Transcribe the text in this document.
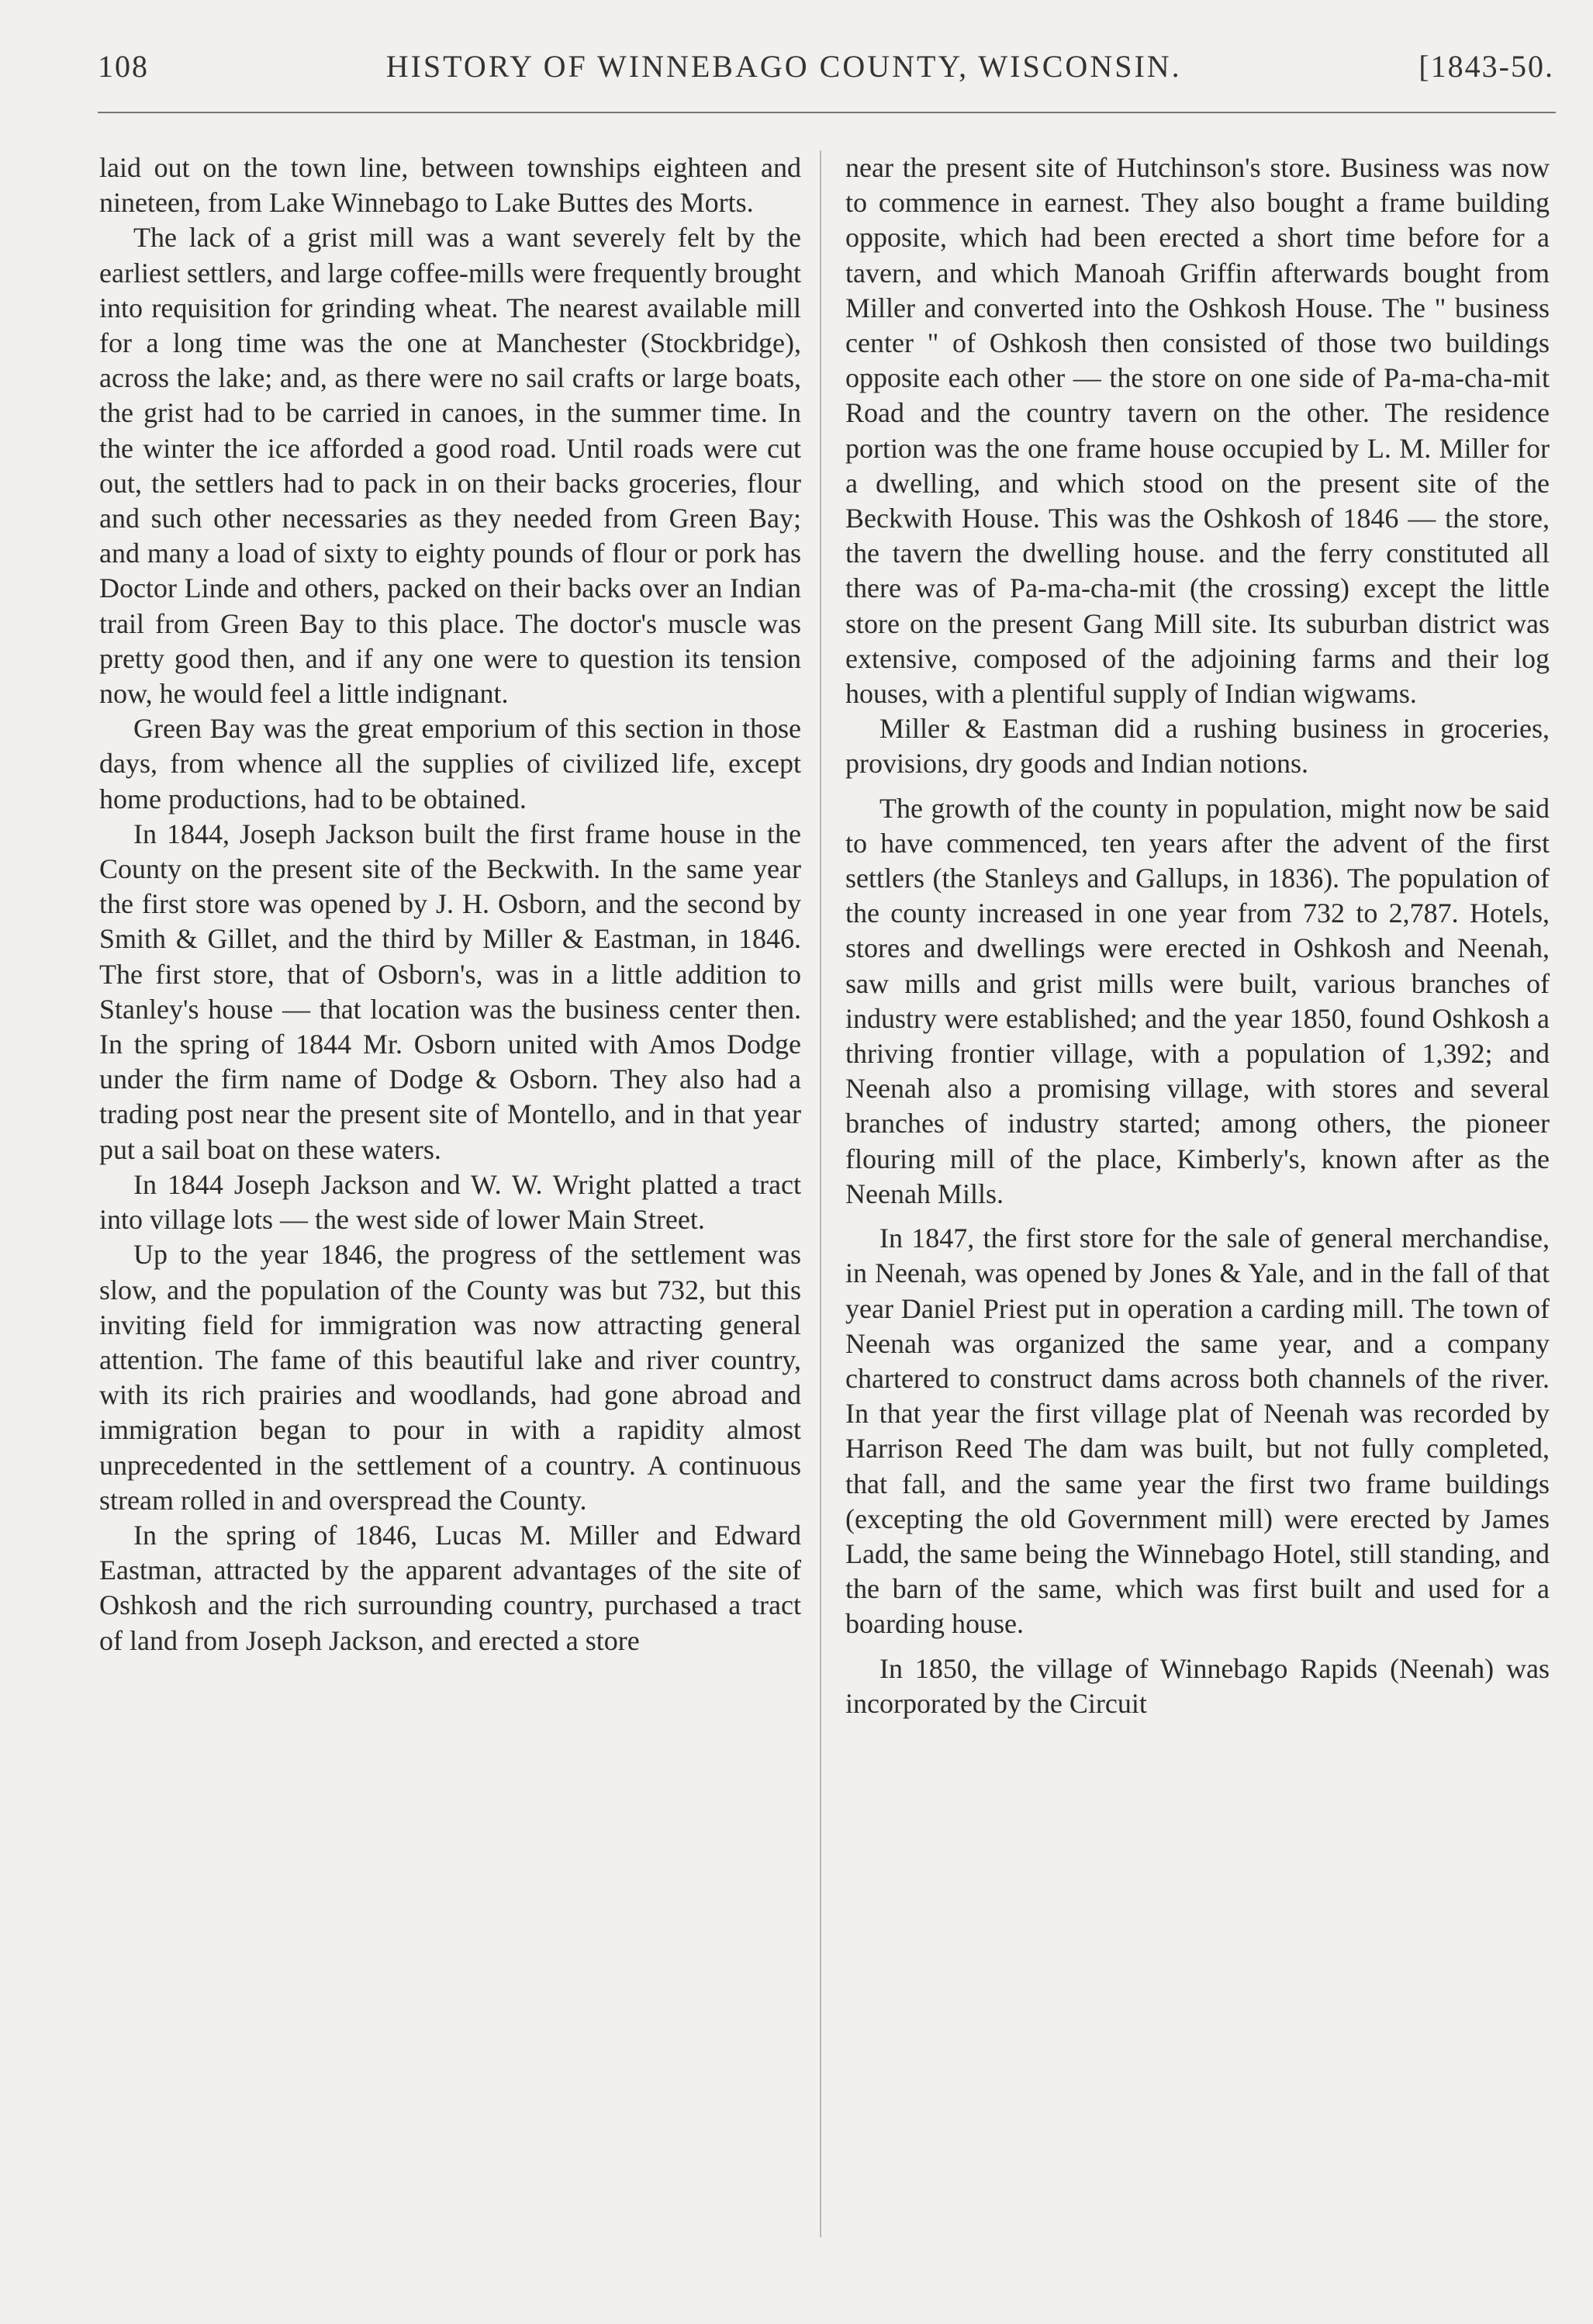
108	HISTORY OF WINNEBAGO COUNTY, WISCONSIN.	[1843-50.

laid out on the town line, between townships eighteen and nineteen, from Lake Winnebago to Lake Buttes des Morts.

The lack of a grist mill was a want severely felt by the earliest settlers, and large coffee-mills were frequently brought into requisition for grinding wheat. The nearest available mill for a long time was the one at Manchester (Stockbridge), across the lake; and, as there were no sail crafts or large boats, the grist had to be carried in canoes, in the summer time. In the winter the ice afforded a good road. Until roads were cut out, the settlers had to pack in on their backs groceries, flour and such other necessaries as they needed from Green Bay; and many a load of sixty to eighty pounds of flour or pork has Doctor Linde and others, packed on their backs over an Indian trail from Green Bay to this place. The doctor's muscle was pretty good then, and if any one were to question its tension now, he would feel a little indignant.

Green Bay was the great emporium of this section in those days, from whence all the supplies of civilized life, except home productions, had to be obtained.

In 1844, Joseph Jackson built the first frame house in the County on the present site of the Beckwith. In the same year the first store was opened by J. H. Osborn, and the second by Smith & Gillet, and the third by Miller & Eastman, in 1846. The first store, that of Osborn's, was in a little addition to Stanley's house — that location was the business center then. In the spring of 1844 Mr. Osborn united with Amos Dodge under the firm name of Dodge & Osborn. They also had a trading post near the present site of Montello, and in that year put a sail boat on these waters.

In 1844 Joseph Jackson and W. W. Wright platted a tract into village lots — the west side of lower Main Street.

Up to the year 1846, the progress of the settlement was slow, and the population of the County was but 732, but this inviting field for immigration was now attracting general attention. The fame of this beautiful lake and river country, with its rich prairies and woodlands, had gone abroad and immigration began to pour in with a rapidity almost unprecedented in the settlement of a country. A continuous stream rolled in and overspread the County.

In the spring of 1846, Lucas M. Miller and Edward Eastman, attracted by the apparent advantages of the site of Oshkosh and the rich surrounding country, purchased a tract of land from Joseph Jackson, and erected a store

near the present site of Hutchinson's store. Business was now to commence in earnest. They also bought a frame building opposite, which had been erected a short time before for a tavern, and which Manoah Griffin afterwards bought from Miller and converted into the Oshkosh House. The " business center " of Oshkosh then consisted of those two buildings opposite each other — the store on one side of Pa-ma-cha-mit Road and the country tavern on the other. The residence portion was the one frame house occupied by L. M. Miller for a dwelling, and which stood on the present site of the Beckwith House. This was the Oshkosh of 1846 — the store, the tavern the dwelling house. and the ferry constituted all there was of Pa-ma-cha-mit (the crossing) except the little store on the present Gang Mill site. Its suburban district was extensive, composed of the adjoining farms and their log houses, with a plentiful supply of Indian wigwams.

Miller & Eastman did a rushing business in groceries, provisions, dry goods and Indian notions.

The growth of the county in population, might now be said to have commenced, ten years after the advent of the first settlers (the Stanleys and Gallups, in 1836). The population of the county increased in one year from 732 to 2,787. Hotels, stores and dwellings were erected in Oshkosh and Neenah, saw mills and grist mills were built, various branches of industry were established; and the year 1850, found Oshkosh a thriving frontier village, with a population of 1,392; and Neenah also a promising village, with stores and several branches of industry started; among others, the pioneer flouring mill of the place, Kimberly's, known after as the Neenah Mills.

In 1847, the first store for the sale of general merchandise, in Neenah, was opened by Jones & Yale, and in the fall of that year Daniel Priest put in operation a carding mill. The town of Neenah was organized the same year, and a company chartered to construct dams across both channels of the river. In that year the first village plat of Neenah was recorded by Harrison Reed The dam was built, but not fully completed, that fall, and the same year the first two frame buildings (excepting the old Government mill) were erected by James Ladd, the same being the Winnebago Hotel, still standing, and the barn of the same, which was first built and used for a boarding house.

In 1850, the village of Winnebago Rapids (Neenah) was incorporated by the Circuit
